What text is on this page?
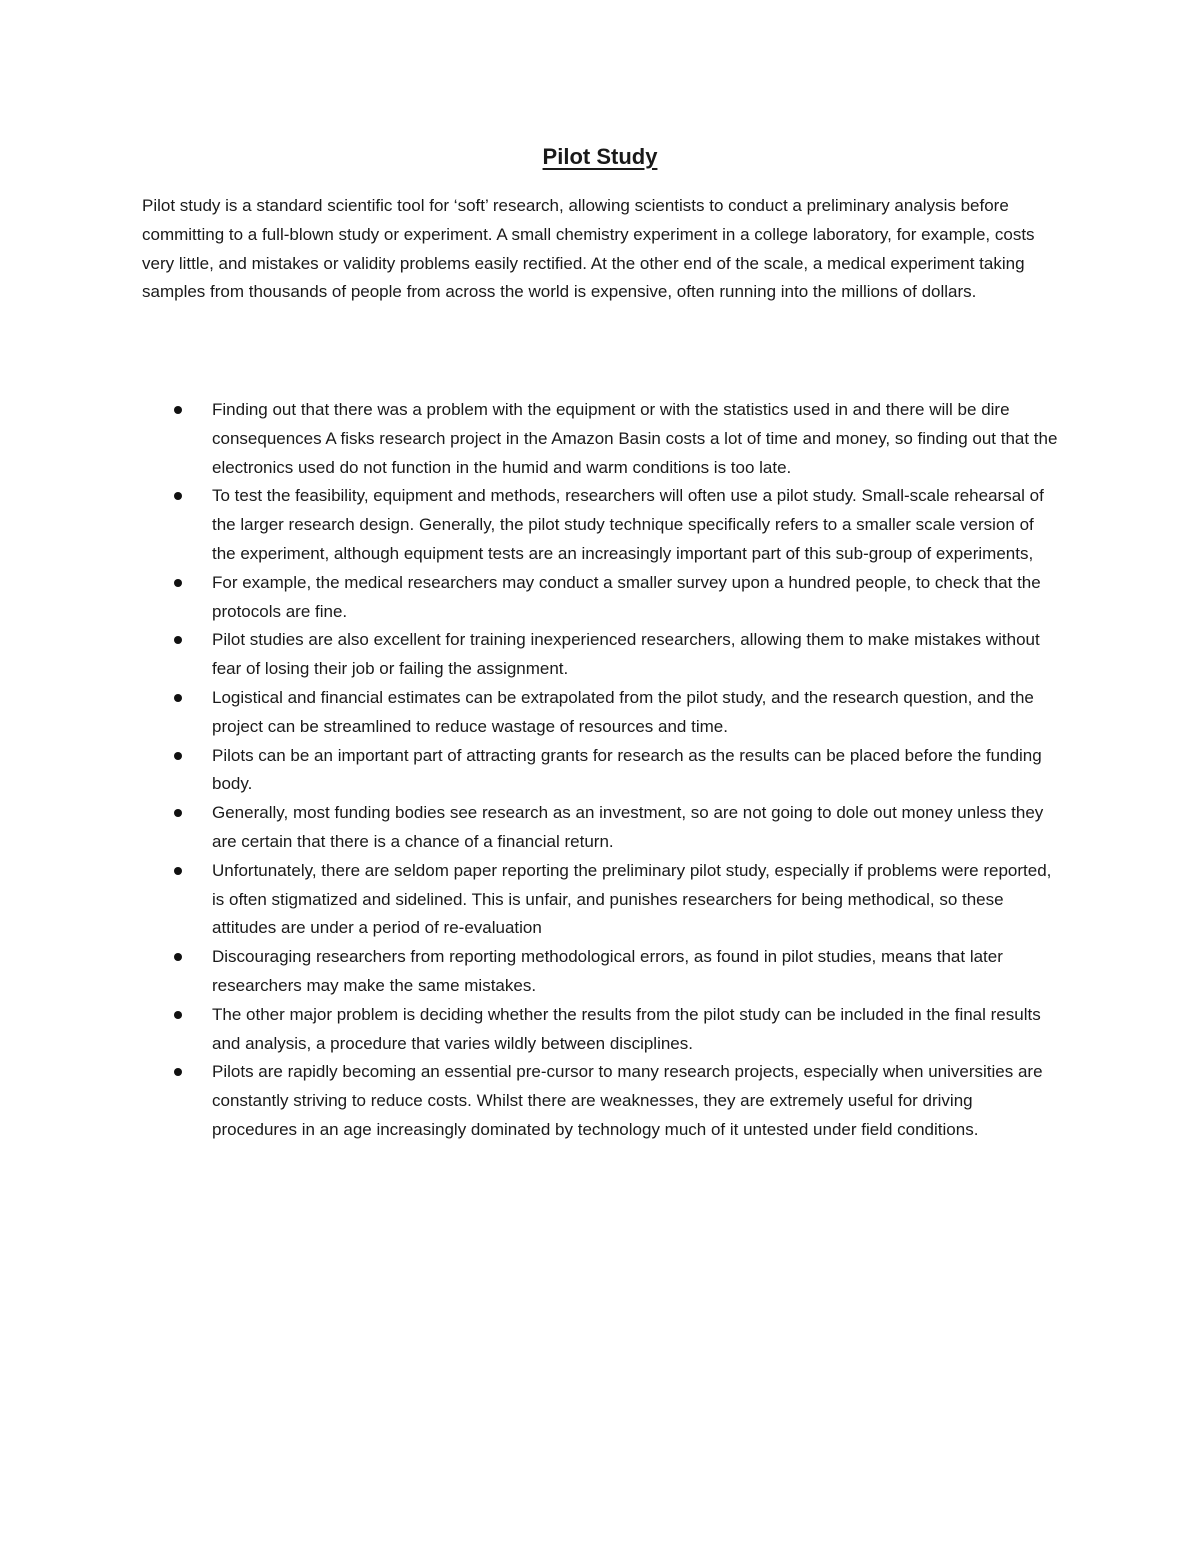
Pilot Study

Pilot study is a standard scientific tool for ‘soft’ research, allowing scientists to conduct a preliminary analysis before committing to a full-blown study or experiment. A small chemistry experiment in a college laboratory, for example, costs very little, and mistakes or validity problems easily rectified. At the other end of the scale, a medical experiment taking samples from thousands of people from across the world is expensive, often running into the millions of dollars.

Finding out that there was a problem with the equipment or with the statistics used in and there will be dire consequences A fisks research project in the Amazon Basin costs a lot of time and money, so finding out that the electronics used do not function in the humid and warm conditions is too late.
To test the feasibility, equipment and methods, researchers will often use a pilot study. Small-scale rehearsal of the larger research design. Generally, the pilot study technique specifically refers to a smaller scale version of the experiment, although equipment tests are an increasingly important part of this sub-group of experiments,
For example, the medical researchers may conduct a smaller survey upon a hundred people, to check that the protocols are fine.
Pilot studies are also excellent for training inexperienced researchers, allowing them to make mistakes without fear of losing their job or failing the assignment.
Logistical and financial estimates can be extrapolated from the pilot study, and the research question, and the project can be streamlined to reduce wastage of resources and time.
Pilots can be an important part of attracting grants for research as the results can be placed before the funding body.
Generally, most funding bodies see research as an investment, so are not going to dole out money unless they are certain that there is a chance of a financial return.
Unfortunately, there are seldom paper reporting the preliminary pilot study, especially if problems were reported, is often stigmatized and sidelined. This is unfair, and punishes researchers for being methodical, so these attitudes are under a period of re-evaluation
Discouraging researchers from reporting methodological errors, as found in pilot studies, means that later researchers may make the same mistakes.
The other major problem is deciding whether the results from the pilot study can be included in the final results and analysis, a procedure that varies wildly between disciplines.
Pilots are rapidly becoming an essential pre-cursor to many research projects, especially when universities are constantly striving to reduce costs. Whilst there are weaknesses, they are extremely useful for driving procedures in an age increasingly dominated by technology much of it untested under field conditions.
